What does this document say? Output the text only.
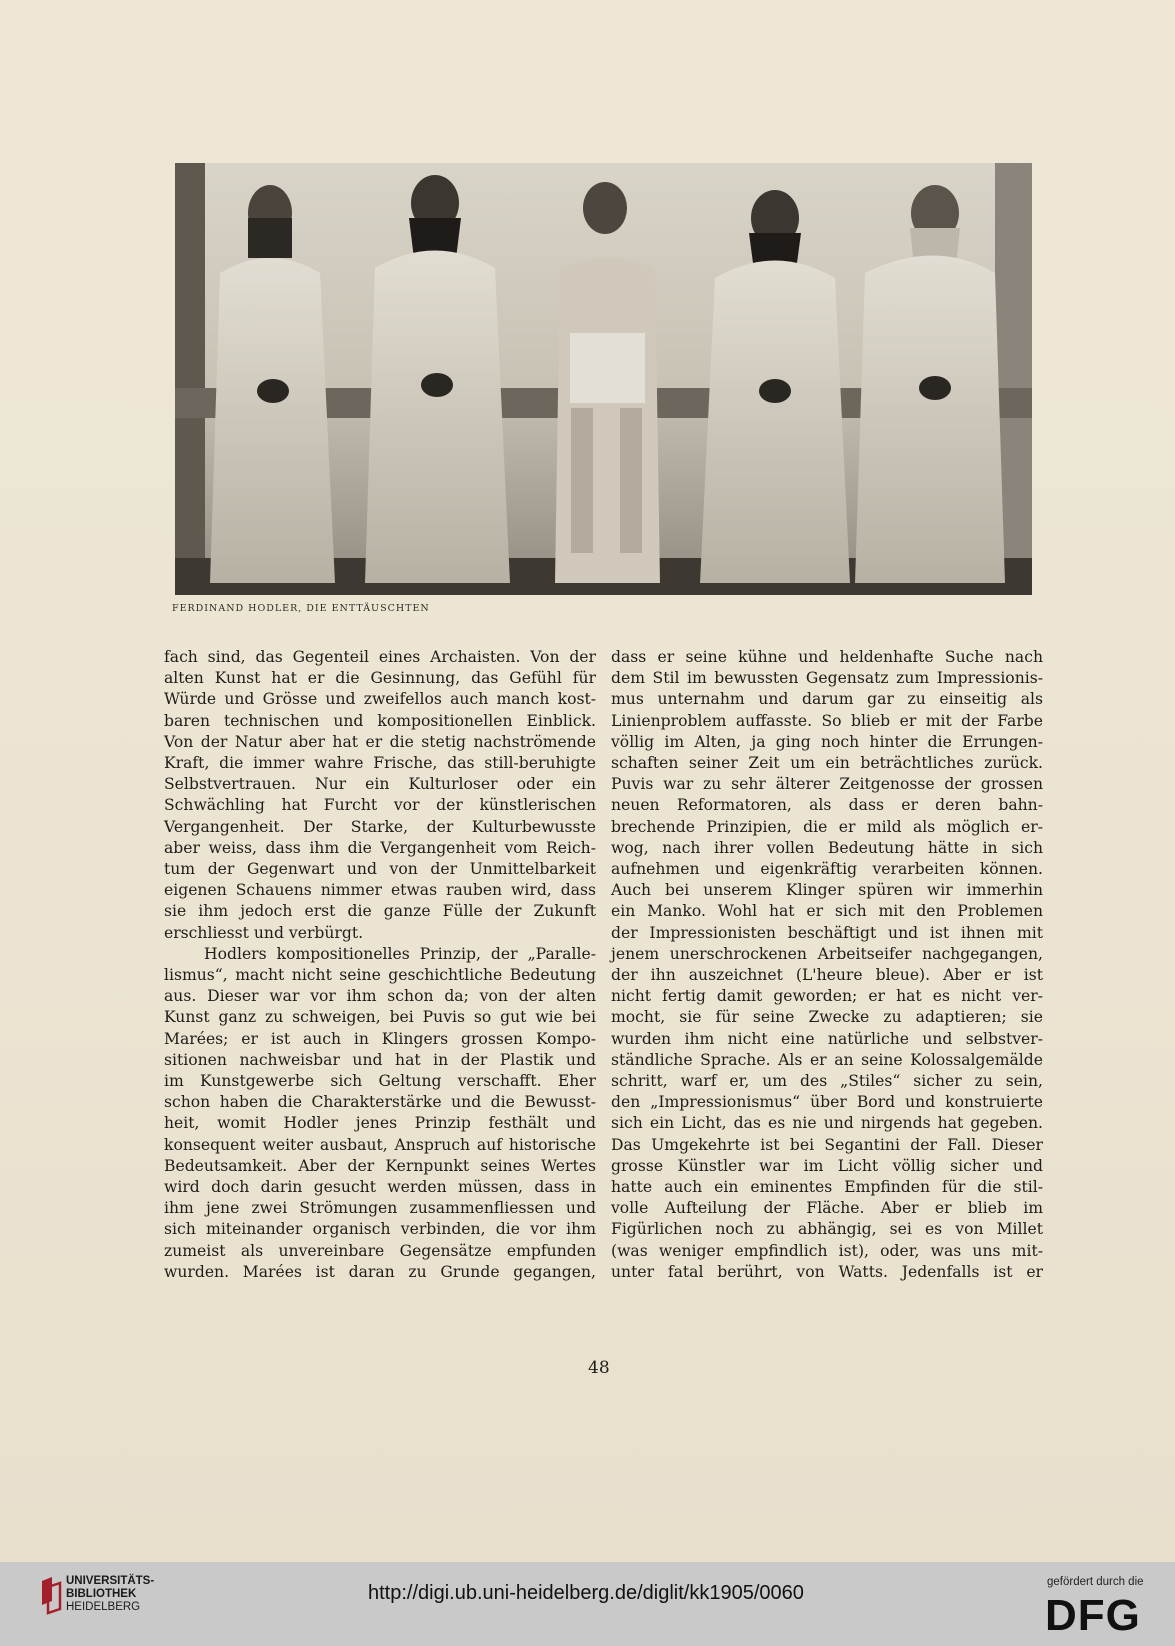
FERDINAND HODLER, DIE ENTTÄUSCHTEN

fach sind, das Gegenteil eines Archaisten. Von der
alten Kunst hat er die Gesinnung, das Gefühl für
Würde und Grösse und zweifellos auch manch kost-
baren technischen und kompositionellen Einblick.
Von der Natur aber hat er die stetig nachströmende
Kraft, die immer wahre Frische, das still-beruhigte
Selbstvertrauen. Nur ein Kulturloser oder ein
Schwächling hat Furcht vor der künstlerischen
Vergangenheit. Der Starke, der Kulturbewusste
aber weiss, dass ihm die Vergangenheit vom Reich-
tum der Gegenwart und von der Unmittelbarkeit
eigenen Schauens nimmer etwas rauben wird, dass
sie ihm jedoch erst die ganze Fülle der Zukunft
erschliesst und verbürgt.

Hodlers kompositionelles Prinzip, der „Paralle-
lismus“, macht nicht seine geschichtliche Bedeutung
aus. Dieser war vor ihm schon da; von der alten
Kunst ganz zu schweigen, bei Puvis so gut wie bei
Marées; er ist auch in Klingers grossen Kompo-
sitionen nachweisbar und hat in der Plastik und
im Kunstgewerbe sich Geltung verschafft. Eher
schon haben die Charakterstärke und die Bewusst-
heit, womit Hodler jenes Prinzip festhält und
konsequent weiter ausbaut, Anspruch auf historische
Bedeutsamkeit. Aber der Kernpunkt seines Wertes
wird doch darin gesucht werden müssen, dass in
ihm jene zwei Strömungen zusammenfliessen und
sich miteinander organisch verbinden, die vor ihm
zumeist als unvereinbare Gegensätze empfunden
wurden. Marées ist daran zu Grunde gegangen,

dass er seine kühne und heldenhafte Suche nach
dem Stil im bewussten Gegensatz zum Impressionis-
mus unternahm und darum gar zu einseitig als
Linienproblem auffasste. So blieb er mit der Farbe
völlig im Alten, ja ging noch hinter die Errungen-
schaften seiner Zeit um ein beträchtliches zurück.
Puvis war zu sehr älterer Zeitgenosse der grossen
neuen Reformatoren, als dass er deren bahn-
brechende Prinzipien, die er mild als möglich er-
wog, nach ihrer vollen Bedeutung hätte in sich
aufnehmen und eigenkräftig verarbeiten können.
Auch bei unserem Klinger spüren wir immerhin
ein Manko. Wohl hat er sich mit den Problemen
der Impressionisten beschäftigt und ist ihnen mit
jenem unerschrockenen Arbeitseifer nachgegangen,
der ihn auszeichnet (L'heure bleue). Aber er ist
nicht fertig damit geworden; er hat es nicht ver-
mocht, sie für seine Zwecke zu adaptieren; sie
wurden ihm nicht eine natürliche und selbstver-
ständliche Sprache. Als er an seine Kolossalgemälde
schritt, warf er, um des „Stiles“ sicher zu sein,
den „Impressionismus“ über Bord und konstruierte
sich ein Licht, das es nie und nirgends hat gegeben.
Das Umgekehrte ist bei Segantini der Fall. Dieser
grosse Künstler war im Licht völlig sicher und
hatte auch ein eminentes Empfinden für die stil-
volle Aufteilung der Fläche. Aber er blieb im
Figürlichen noch zu abhängig, sei es von Millet
(was weniger empfindlich ist), oder, was uns mit-
unter fatal berührt, von Watts. Jedenfalls ist er

48
UNIVERSITÄTS-
BIBLIOTHEK
HEIDELBERG
http://digi.ub.uni-heidelberg.de/diglit/kk1905/0060	gefördert durch die
DFG
